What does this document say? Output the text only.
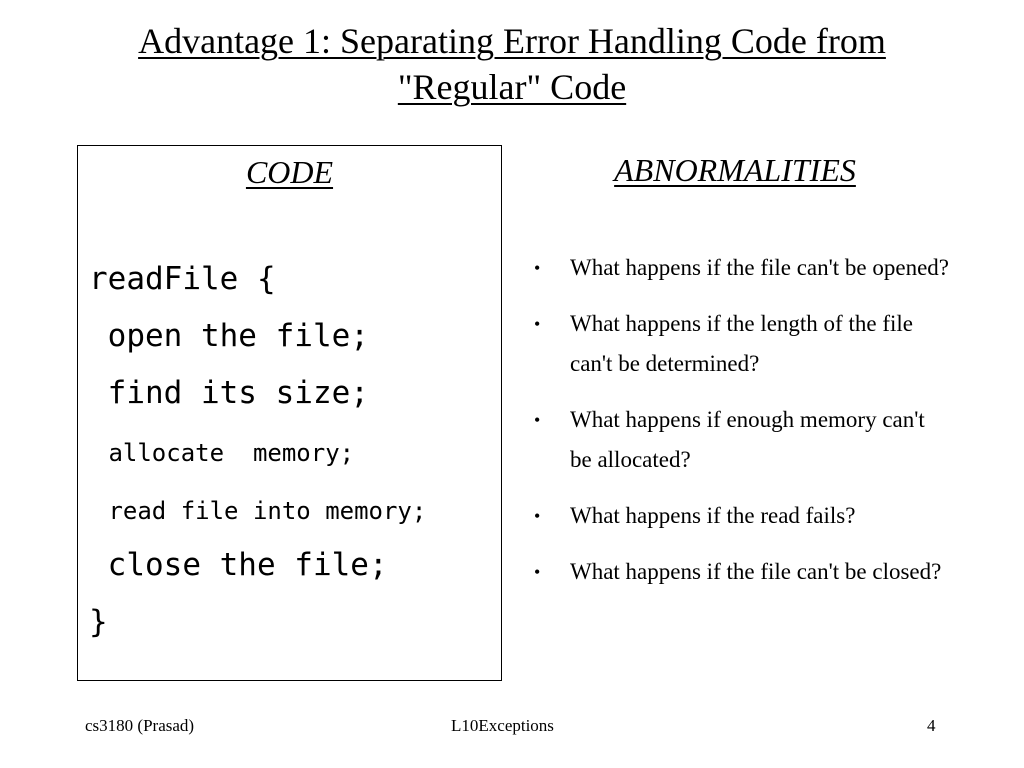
Advantage 1: Separating Error Handling Code from
"Regular" Code
CODE
readFile {
open the file;
find its size;
allocate  memory;
read file into memory;
close the file;
}
ABNORMALITIES
• What happens if the file can't be opened?
• What happens if the length of the file can't be determined?
• What happens if enough memory can't be allocated?
• What happens if the read fails?
• What happens if the file can't be closed?
cs3180 (Prasad)	L10Exceptions	4
